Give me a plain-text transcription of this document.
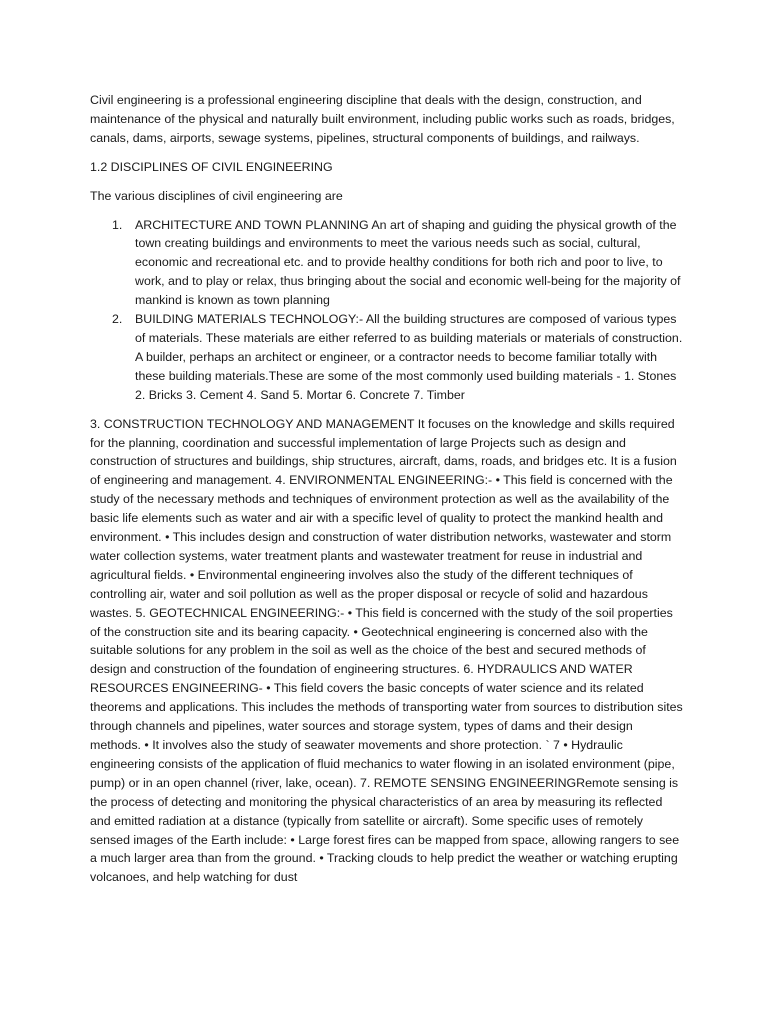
Civil engineering is a professional engineering discipline that deals with the design, construction, and maintenance of the physical and naturally built environment, including public works such as roads, bridges, canals, dams, airports, sewage systems, pipelines, structural components of buildings, and railways.

1.2 DISCIPLINES OF CIVIL ENGINEERING

The various disciplines of civil engineering are

1. ARCHITECTURE AND TOWN PLANNING An art of shaping and guiding the physical growth of the town creating buildings and environments to meet the various needs such as social, cultural, economic and recreational etc. and to provide healthy conditions for both rich and poor to live, to work, and to play or relax, thus bringing about the social and economic well-being for the majority of mankind is known as town planning
2. BUILDING MATERIALS TECHNOLOGY:- All the building structures are composed of various types of materials. These materials are either referred to as building materials or materials of construction. A builder, perhaps an architect or engineer, or a contractor needs to become familiar totally with these building materials.These are some of the most commonly used building materials - 1. Stones 2. Bricks 3. Cement 4. Sand 5. Mortar 6. Concrete 7. Timber

3. CONSTRUCTION TECHNOLOGY AND MANAGEMENT It focuses on the knowledge and skills required for the planning, coordination and successful implementation of large Projects such as design and construction of structures and buildings, ship structures, aircraft, dams, roads, and bridges etc. It is a fusion of engineering and management. 4. ENVIRONMENTAL ENGINEERING:- • This field is concerned with the study of the necessary methods and techniques of environment protection as well as the availability of the basic life elements such as water and air with a specific level of quality to protect the mankind health and environment. • This includes design and construction of water distribution networks, wastewater and storm water collection systems, water treatment plants and wastewater treatment for reuse in industrial and agricultural fields. • Environmental engineering involves also the study of the different techniques of controlling air, water and soil pollution as well as the proper disposal or recycle of solid and hazardous wastes. 5. GEOTECHNICAL ENGINEERING:- • This field is concerned with the study of the soil properties of the construction site and its bearing capacity. • Geotechnical engineering is concerned also with the suitable solutions for any problem in the soil as well as the choice of the best and secured methods of design and construction of the foundation of engineering structures. 6. HYDRAULICS AND WATER RESOURCES ENGINEERING- • This field covers the basic concepts of water science and its related theorems and applications. This includes the methods of transporting water from sources to distribution sites through channels and pipelines, water sources and storage system, types of dams and their design methods. • It involves also the study of seawater movements and shore protection. ` 7 • Hydraulic engineering consists of the application of fluid mechanics to water flowing in an isolated environment (pipe, pump) or in an open channel (river, lake, ocean). 7. REMOTE SENSING ENGINEERINGRemote sensing is the process of detecting and monitoring the physical characteristics of an area by measuring its reflected and emitted radiation at a distance (typically from satellite or aircraft). Some specific uses of remotely sensed images of the Earth include: • Large forest fires can be mapped from space, allowing rangers to see a much larger area than from the ground. • Tracking clouds to help predict the weather or watching erupting volcanoes, and help watching for dust
